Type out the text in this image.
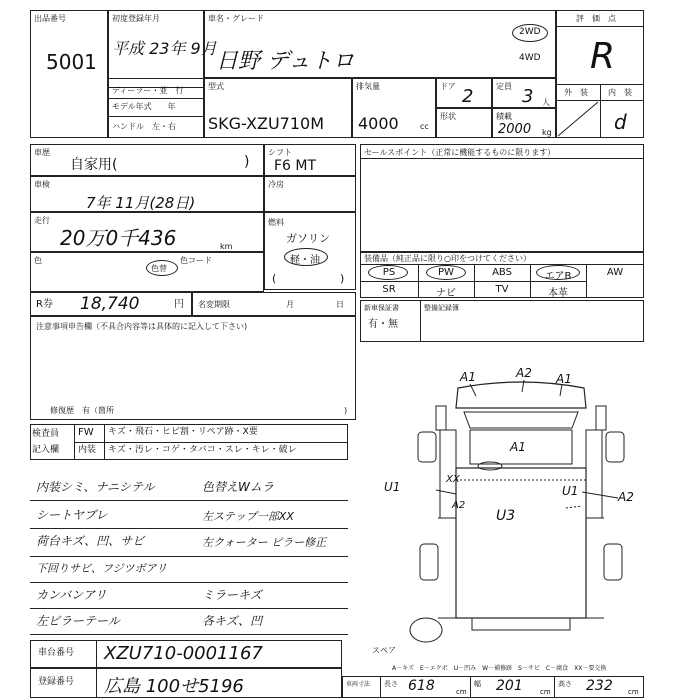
出品番号
5001
初度登録年月
平成 23年 9月
車名・グレード
日野 デュトロ
2WD
4WD
評　価　点
R
外　装	内　装
d
ディーラー・並　行
モデル年式　　年
ハンドル　左・右
型式
SKG-XZU710M
排気量
4000	cc
ドア 2	定員 3 人
形状	積載
2000 kg
車歴
自家用(	)
シフト
F6 MT
車検
7年 11月(28日)
冷房
走行
20万0千436	km
燃料
ガソリン
軽・油
(	)
色
色替
色コード
R券 18,740	円 名変期限	月	日
注意事項申告欄（不具合内容等は具体的に記入して下さい)
修復歴　有（箇所	)
セールスポイント（正常に機能するものに限ります）
装備品（純正品に限り○印をつけてください）
PS	PW	ABS	エアB	AW
SR	ナビ	TV	本革
新車保証書	整備記録簿
有・無
検査員
記入欄
FW キズ・飛石・ヒビ割・リペア跡・X要
内装 キズ・汚レ・コゲ・タバコ・スレ・キレ・破レ
内装シミ、ナニシテル	色替えWムラ
シートヤブレ	左ステップ一部XX
荷台キズ、凹、サビ	左クォーター ピラー修正
下回りサビ、フジツボアリ
カンバンアリ	ミラーキズ
左ピラーテール	各キズ、凹
A1	A2 A1
A1
XX
A2
U3
U1	U1	A2
スペア
A－キズ　E－エクボ　U－凹み　W－補修跡　S－サビ　C－腐食　XX－要交換
車台番号 XZU710-0001167
登録番号 広島 100せ5196	車両寸法 長さ 618	cm
幅 201 cm
高さ 232 cm
